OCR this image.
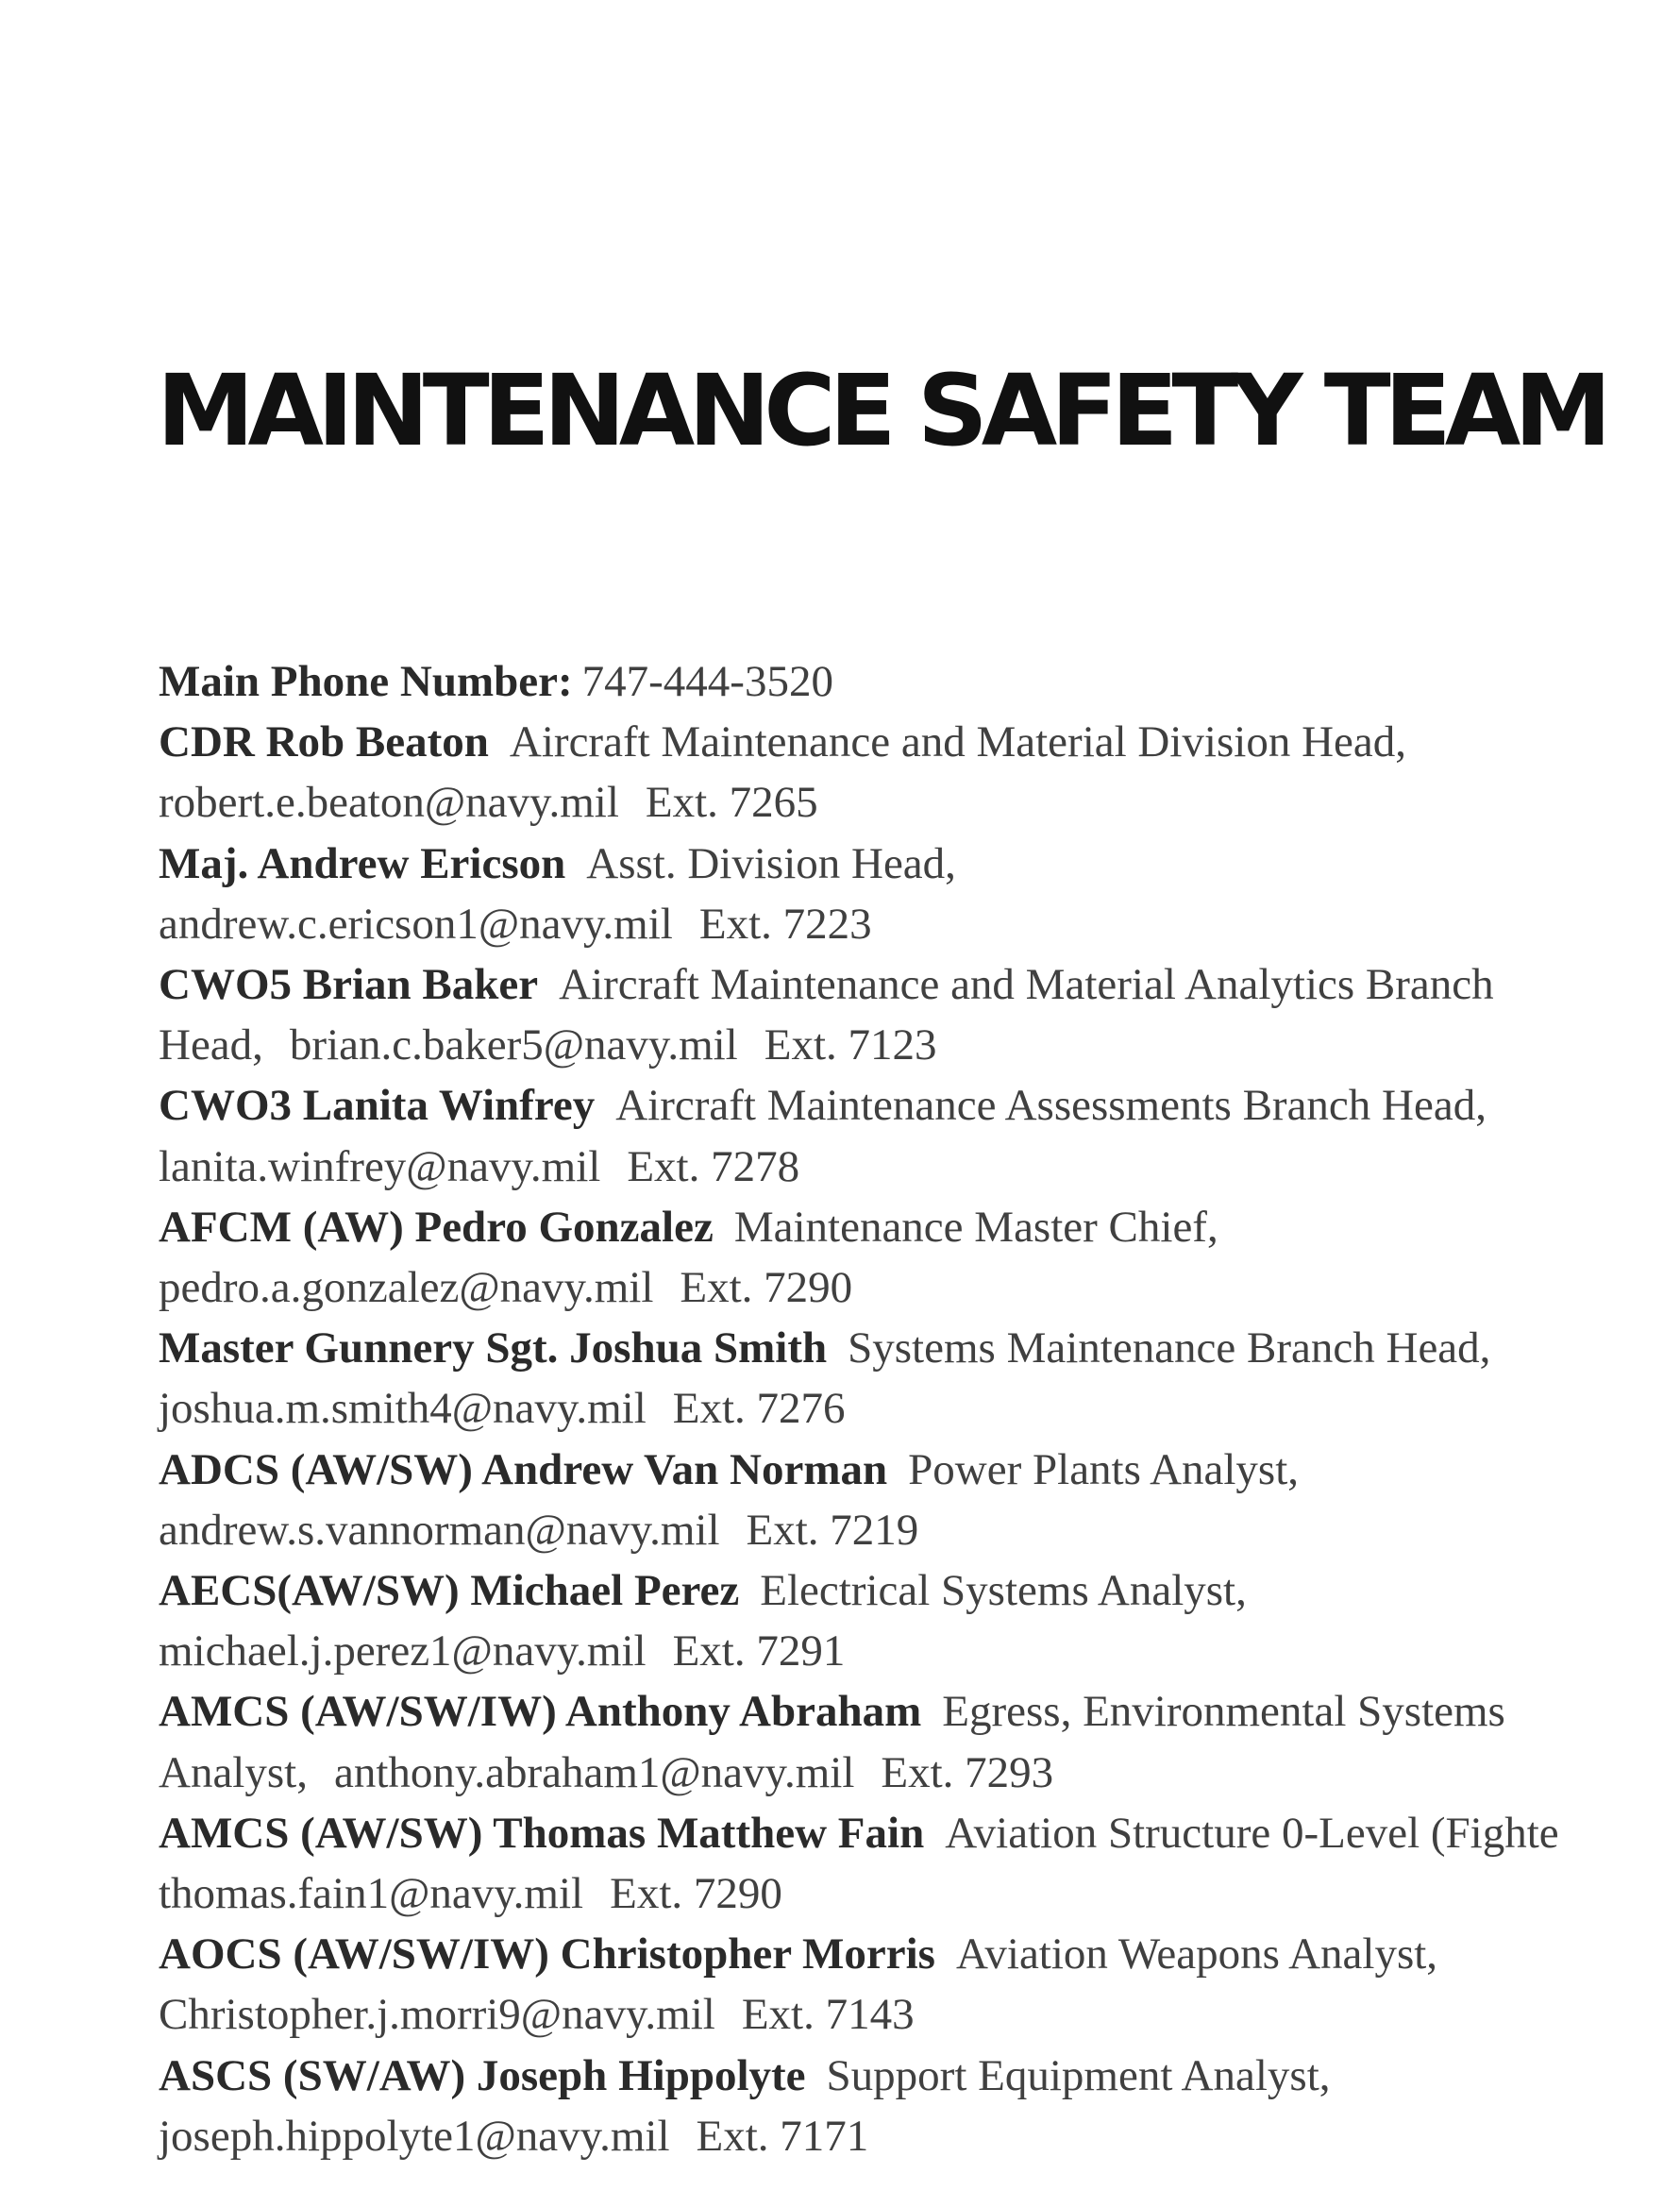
MAINTENANCE SAFETY TEAM

Main Phone Number: 747-444-3520

CDR Rob Beaton Aircraft Maintenance and Material Division Head,

robert.e.beaton@navy.mil Ext. 7265

Maj. Andrew Ericson Asst. Division Head,

andrew.c.ericson1@navy.mil Ext. 7223

CWO5 Brian Baker Aircraft Maintenance and Material Analytics Branch

Head, brian.c.baker5@navy.mil Ext. 7123

CWO3 Lanita Winfrey Aircraft Maintenance Assessments Branch Head,

lanita.winfrey@navy.mil Ext. 7278

AFCM (AW) Pedro Gonzalez Maintenance Master Chief,

pedro.a.gonzalez@navy.mil Ext. 7290

Master Gunnery Sgt. Joshua Smith Systems Maintenance Branch Head,

joshua.m.smith4@navy.mil Ext. 7276

ADCS (AW/SW) Andrew Van Norman Power Plants Analyst,

andrew.s.vannorman@navy.mil Ext. 7219

AECS(AW/SW) Michael Perez Electrical Systems Analyst,

michael.j.perez1@navy.mil Ext. 7291

AMCS (AW/SW/IW) Anthony Abraham Egress, Environmental Systems

Analyst, anthony.abraham1@navy.mil Ext. 7293

AMCS (AW/SW) Thomas Matthew Fain Aviation Structure 0-Level (Fighte

thomas.fain1@navy.mil Ext. 7290

AOCS (AW/SW/IW) Christopher Morris Aviation Weapons Analyst,

Christopher.j.morri9@navy.mil Ext. 7143

ASCS (SW/AW) Joseph Hippolyte Support Equipment Analyst,

joseph.hippolyte1@navy.mil Ext. 7171
